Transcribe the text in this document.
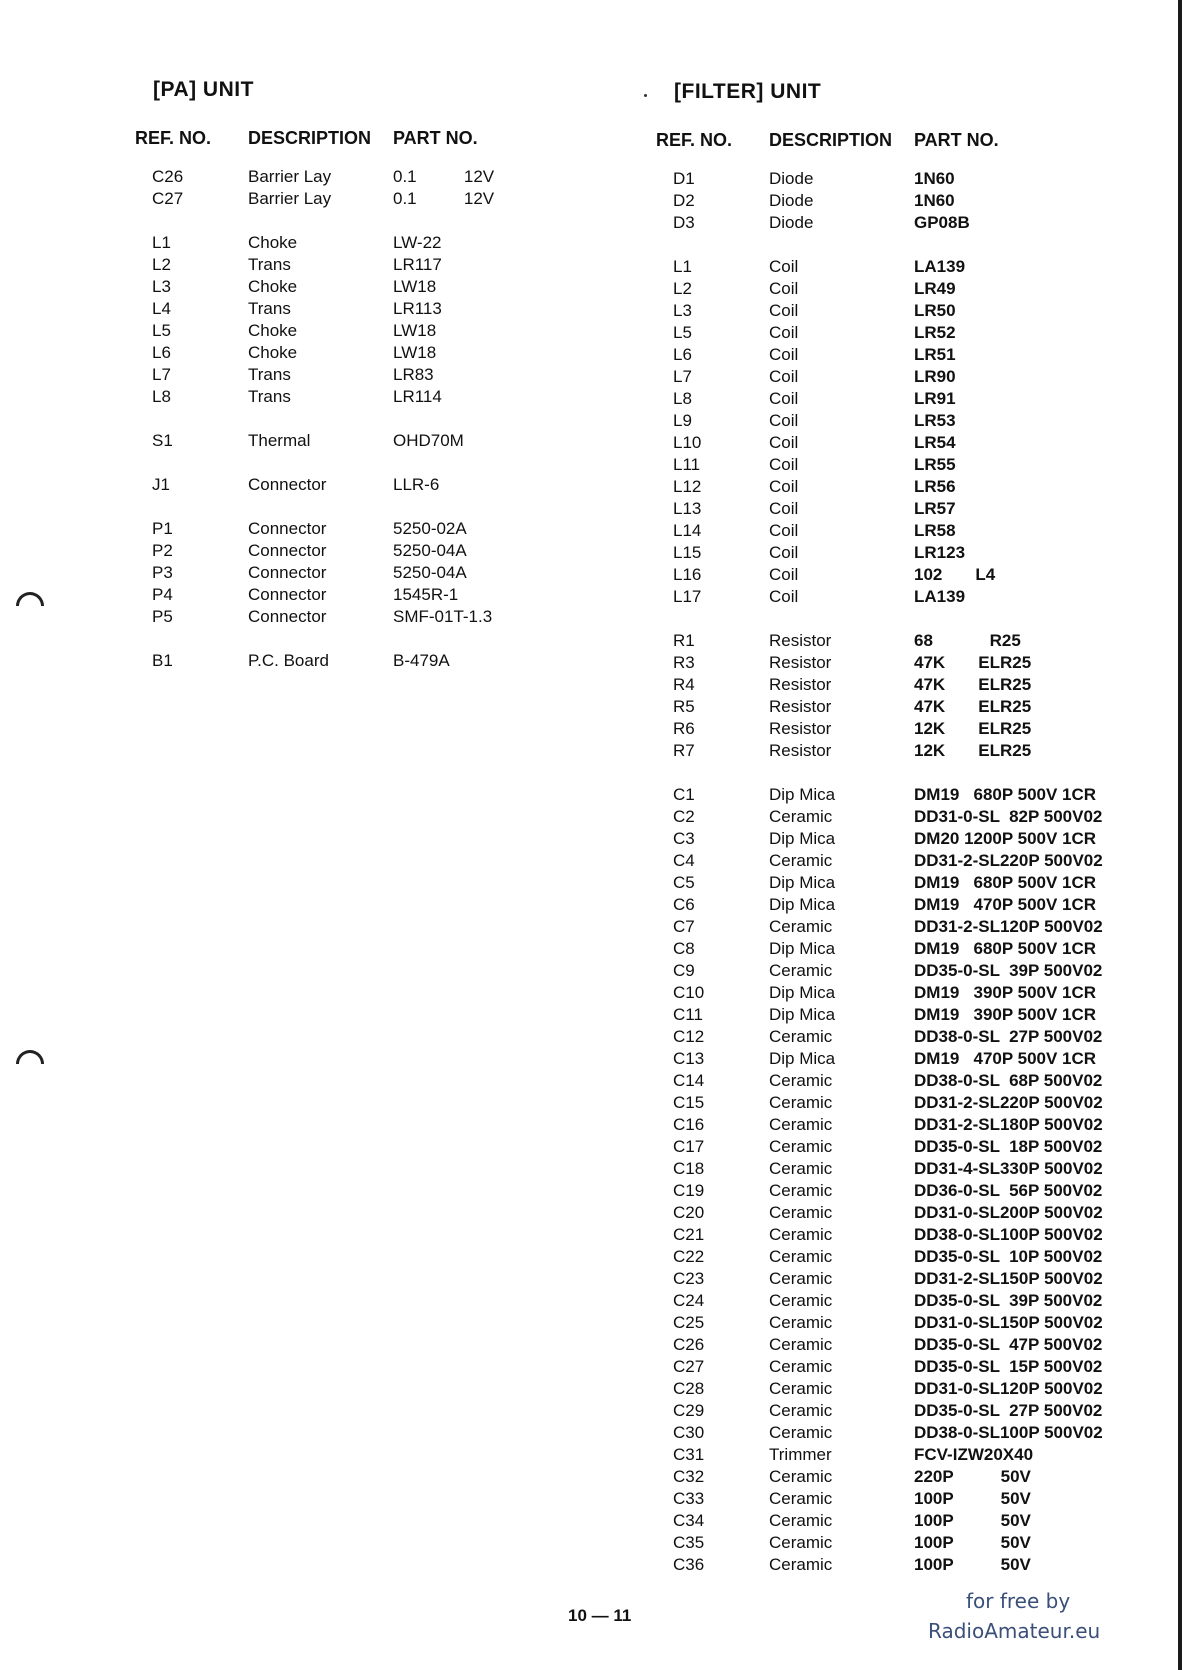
[PA] UNIT
REF. NO.	DESCRIPTION	PART NO.
C26	Barrier Lay	0.1          12V
C27	Barrier Lay	0.1          12V
L1	Choke	LW-22
L2	Trans	LR117
L3	Choke	LW18
L4	Trans	LR113
L5	Choke	LW18
L6	Choke	LW18
L7	Trans	LR83
L8	Trans	LR114
S1	Thermal	OHD70M
J1	Connector	LLR-6
P1	Connector	5250-02A
P2	Connector	5250-04A
P3	Connector	5250-04A
P4	Connector	1545R-1
P5	Connector	SMF-01T-1.3
B1	P.C. Board	B-479A
[FILTER] UNIT
REF. NO.	DESCRIPTION	PART NO.
D1	Diode	1N60
D2	Diode	1N60
D3	Diode	GP08B
L1	Coil	LA139
L2	Coil	LR49
L3	Coil	LR50
L5	Coil	LR52
L6	Coil	LR51
L7	Coil	LR90
L8	Coil	LR91
L9	Coil	LR53
L10	Coil	LR54
L11	Coil	LR55
L12	Coil	LR56
L13	Coil	LR57
L14	Coil	LR58
L15	Coil	LR123
L16	Coil	102       L4
L17	Coil	LA139
R1	Resistor	68            R25
R3	Resistor	47K       ELR25
R4	Resistor	47K       ELR25
R5	Resistor	47K       ELR25
R6	Resistor	12K       ELR25
R7	Resistor	12K       ELR25
C1	Dip Mica	DM19   680P 500V 1CR
C2	Ceramic	DD31-0-SL  82P 500V02
C3	Dip Mica	DM20 1200P 500V 1CR
C4	Ceramic	DD31-2-SL220P 500V02
C5	Dip Mica	DM19   680P 500V 1CR
C6	Dip Mica	DM19   470P 500V 1CR
C7	Ceramic	DD31-2-SL120P 500V02
C8	Dip Mica	DM19   680P 500V 1CR
C9	Ceramic	DD35-0-SL  39P 500V02
C10	Dip Mica	DM19   390P 500V 1CR
C11	Dip Mica	DM19   390P 500V 1CR
C12	Ceramic	DD38-0-SL  27P 500V02
C13	Dip Mica	DM19   470P 500V 1CR
C14	Ceramic	DD38-0-SL  68P 500V02
C15	Ceramic	DD31-2-SL220P 500V02
C16	Ceramic	DD31-2-SL180P 500V02
C17	Ceramic	DD35-0-SL  18P 500V02
C18	Ceramic	DD31-4-SL330P 500V02
C19	Ceramic	DD36-0-SL  56P 500V02
C20	Ceramic	DD31-0-SL200P 500V02
C21	Ceramic	DD38-0-SL100P 500V02
C22	Ceramic	DD35-0-SL  10P 500V02
C23	Ceramic	DD31-2-SL150P 500V02
C24	Ceramic	DD35-0-SL  39P 500V02
C25	Ceramic	DD31-0-SL150P 500V02
C26	Ceramic	DD35-0-SL  47P 500V02
C27	Ceramic	DD35-0-SL  15P 500V02
C28	Ceramic	DD31-0-SL120P 500V02
C29	Ceramic	DD35-0-SL  27P 500V02
C30	Ceramic	DD38-0-SL100P 500V02
C31	Trimmer	FCV-IZW20X40
C32	Ceramic	220P          50V
C33	Ceramic	100P          50V
C34	Ceramic	100P          50V
C35	Ceramic	100P          50V
C36	Ceramic	100P          50V
10 — 11
for free by
RadioAmateur.eu
